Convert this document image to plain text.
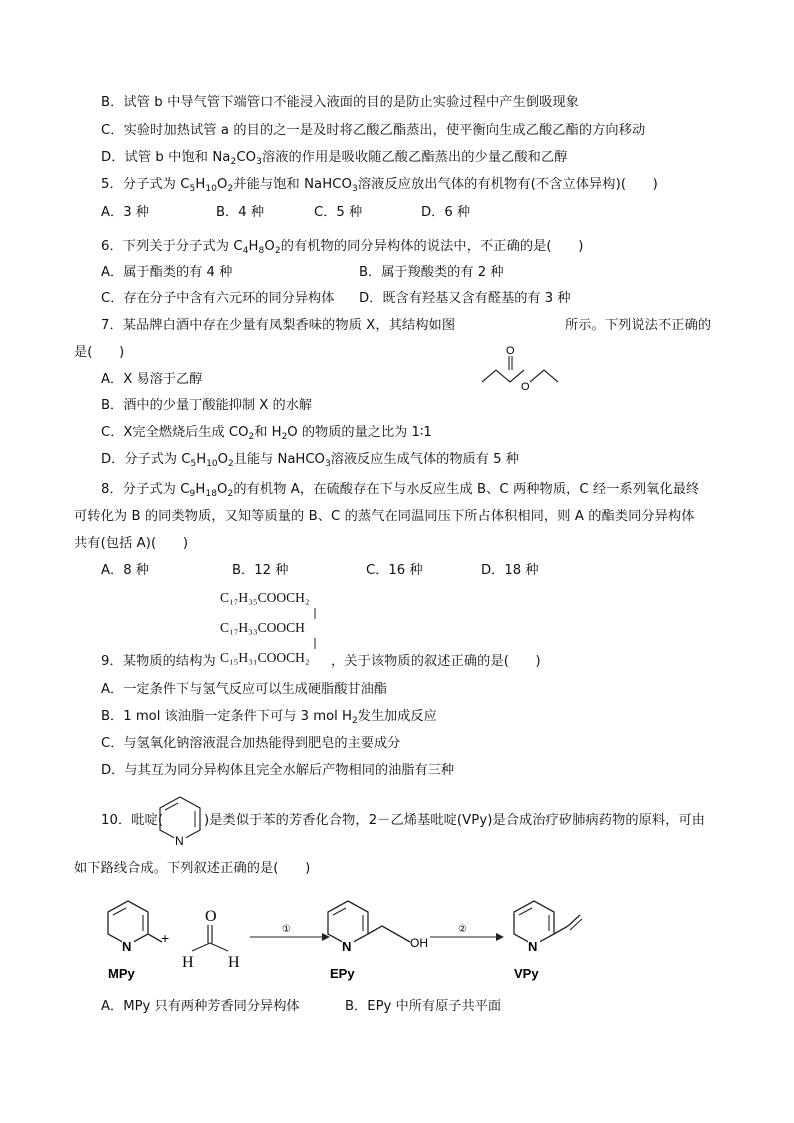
B．试管 b 中导气管下端管口不能浸入液面的目的是防止实验过程中产生倒吸现象
C．实验时加热试管 a 的目的之一是及时将乙酸乙酯蒸出，使平衡向生成乙酸乙酯的方向移动
D．试管 b 中饱和 $Na_2CO_3$溶液的作用是吸收随乙酸乙酯蒸出的少量乙酸和乙醇
5．分子式为 $C_5H_{10}O_2$并能与饱和 NaHCO$_3$溶液反应放出气体的有机物有(不含立体异构)(　　)
A．3 种	B．4 种	C．5 种	D．6 种
6．下列关于分子式为 $C_4H_8O_2$的有机物的同分异构体的说法中，不正确的是(　　)
A．属于酯类的有 4 种	B．属于羧酸类的有 2 种
C．存在分子中含有六元环的同分异构体 D．既含有羟基又含有醛基的有 3 种
7．某品牌白酒中存在少量有凤梨香味的物质 X，其结构如图	所示。下列说法不正确的
是(　　)	O
O
A．X 易溶于乙醇
B．酒中的少量丁酸能抑制 X 的水解
C．X完全燃烧后生成 $CO_2$和 $H_2O$ 的物质的量之比为 1∶1
D．分子式为 $C_5H_{10}O_2$且能与 NaHCO$_3$溶液反应生成气体的物质有 5 种
8．分子式为 $C_9H_{18}O_2$的有机物 A，在硫酸存在下与水反应生成 B、C 两种物质，C 经一系列氧化最终
可转化为 B 的同类物质，又知等质量的 B、C 的蒸气在同温同压下所占体积相同，则 A 的酯类同分异构体
共有(包括 A)(　　)
A．8 种	B．12 种	C．16 种	D．18 种
C₁₇H₃₅COOCH₂
C₁₇H₃₃COOCH
C₁₅H₃₁COOCH₂
9．某物质的结构为	，关于该物质的叙述正确的是(　　)
A．一定条件下与氢气反应可以生成硬脂酸甘油酯
B．1 mol 该油脂一定条件下可与 3 mol $H_2$发生加成反应
C．与氢氧化钠溶液混合加热能得到肥皂的主要成分
D．与其互为同分异构体且完全水解后产物相同的油脂有三种
10．吡啶(
N
)是类似于苯的芳香化合物，2－乙烯基吡啶(VPy)是合成治疗矽肺病药物的原料，可由
如下路线合成。下列叙述正确的是(　　)
N
MPy
+
O
H H
①
N	OH
EPy
②
N
VPy
A．MPy 只有两种芳香同分异构体	B．EPy 中所有原子共平面
